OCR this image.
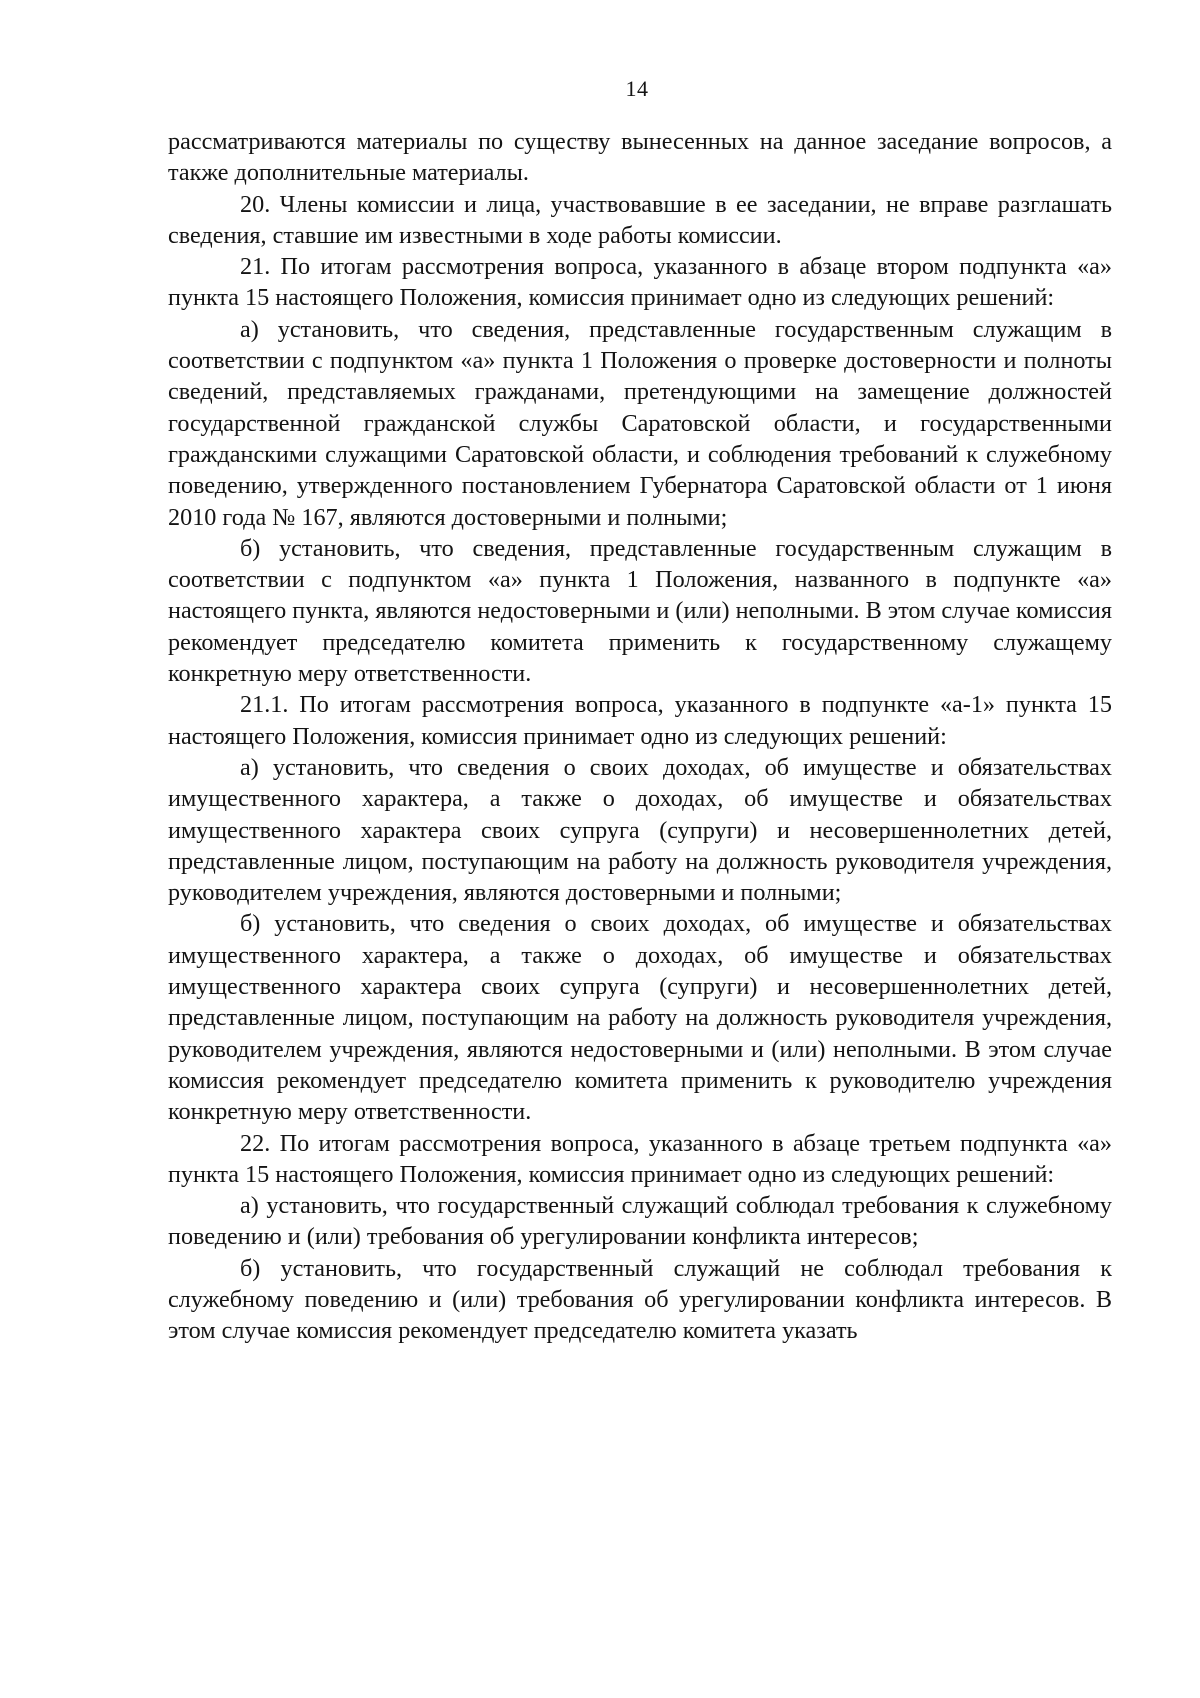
14

рассматриваются материалы по существу вынесенных на данное заседание вопросов, а также дополнительные материалы.

20. Члены комиссии и лица, участвовавшие в ее заседании, не вправе разглашать сведения, ставшие им известными в ходе работы комиссии.

21. По итогам рассмотрения вопроса, указанного в абзаце втором подпункта «а» пункта 15 настоящего Положения, комиссия принимает одно из следующих решений:

а) установить, что сведения, представленные государственным служащим в соответствии с подпунктом «а» пункта 1 Положения о проверке достоверности и полноты сведений, представляемых гражданами, претендующими на замещение должностей государственной гражданской службы Саратовской области, и государственными гражданскими служащими Саратовской области, и соблюдения требований к служебному поведению, утвержденного постановлением Губернатора Саратовской области от 1 июня 2010 года № 167, являются достоверными и полными;

б) установить, что сведения, представленные государственным служащим в соответствии с подпунктом «а» пункта 1 Положения, названного в подпункте «а» настоящего пункта, являются недостоверными и (или) неполными. В этом случае комиссия рекомендует председателю комитета применить к государственному служащему конкретную меру ответственности.

21.1. По итогам рассмотрения вопроса, указанного в подпункте «а-1» пункта 15 настоящего Положения, комиссия принимает одно из следующих решений:

а) установить, что сведения о своих доходах, об имуществе и обязательствах имущественного характера, а также о доходах, об имуществе и обязательствах имущественного характера своих супруга (супруги) и несовершеннолетних детей, представленные лицом, поступающим на работу на должность руководителя учреждения, руководителем учреждения, являются достоверными и полными;

б) установить, что сведения о своих доходах, об имуществе и обязательствах имущественного характера, а также о доходах, об имуществе и обязательствах имущественного характера своих супруга (супруги) и несовершеннолетних детей, представленные лицом, поступающим на работу на должность руководителя учреждения, руководителем учреждения, являются недостоверными и (или) неполными. В этом случае комиссия рекомендует председателю комитета применить к руководителю учреждения конкретную меру ответственности.

22. По итогам рассмотрения вопроса, указанного в абзаце третьем подпункта «а» пункта 15 настоящего Положения, комиссия принимает одно из следующих решений:

а) установить, что государственный служащий соблюдал требования к служебному поведению и (или) требования об урегулировании конфликта интересов;

б) установить, что государственный служащий не соблюдал требования к служебному поведению и (или) требования об урегулировании конфликта интересов. В этом случае комиссия рекомендует председателю комитета указать
